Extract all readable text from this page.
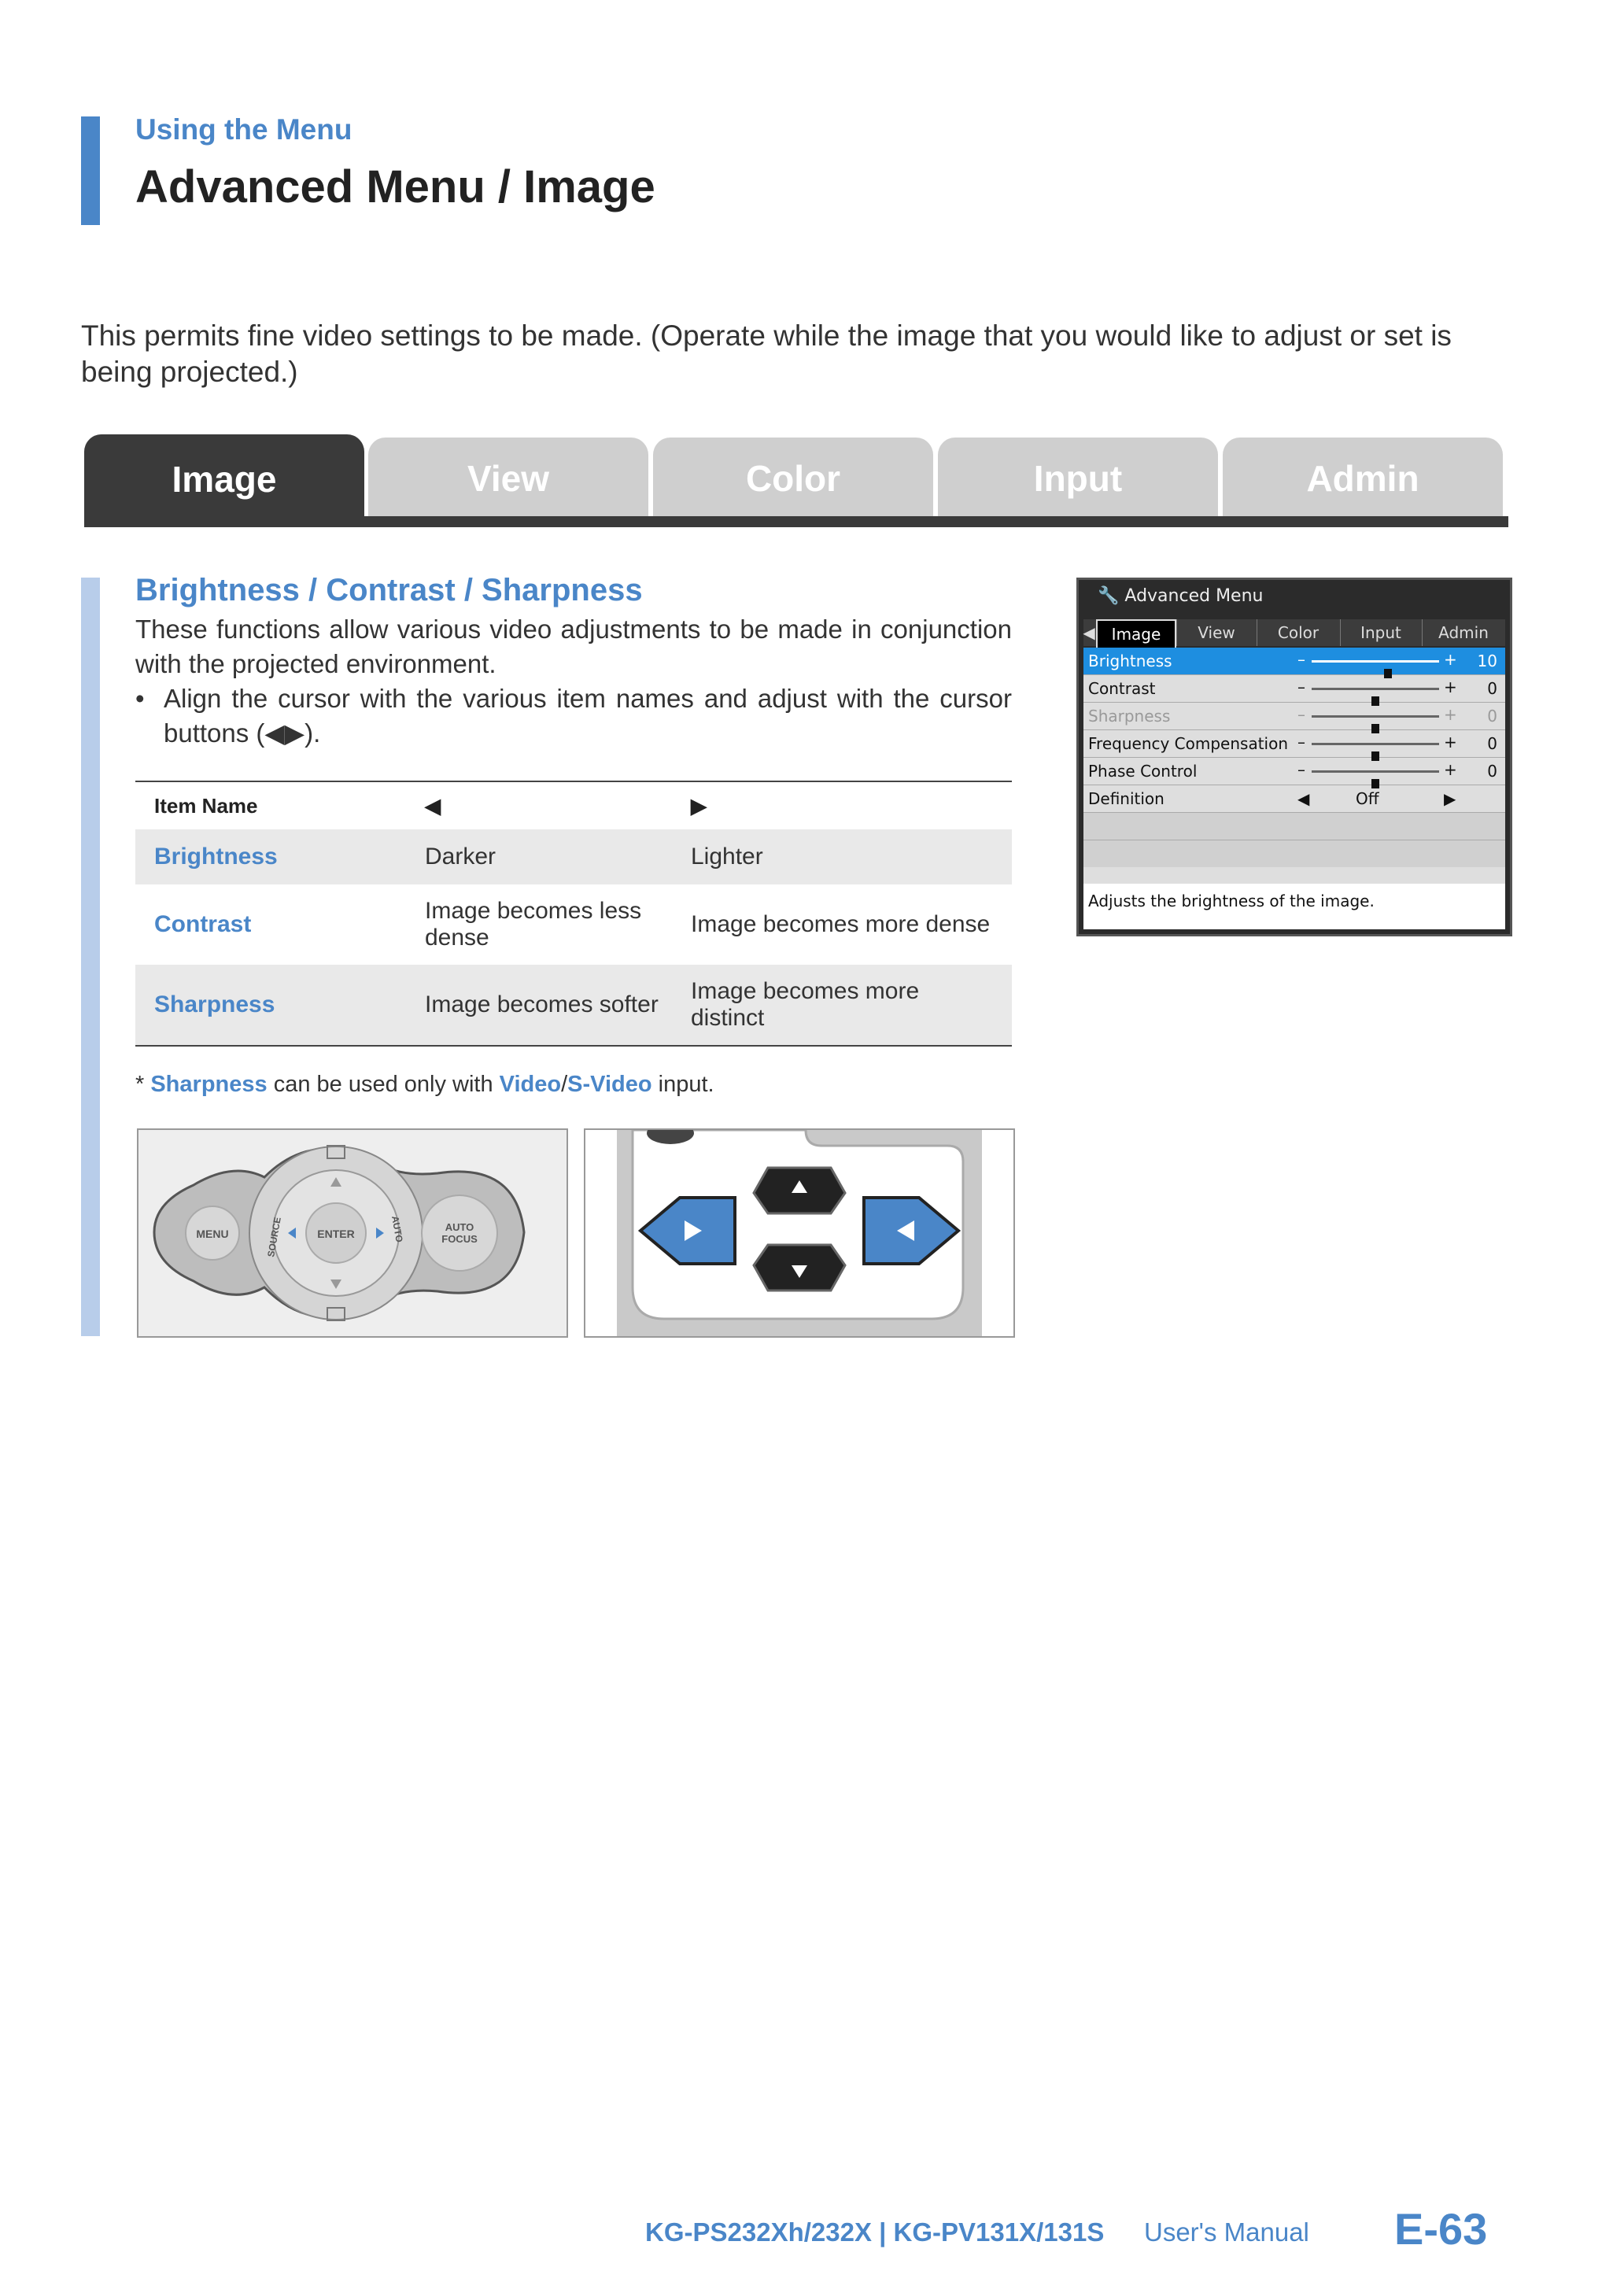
Using the Menu
Advanced Menu / Image
This permits fine video settings to be made. (Operate while the image that you would like to adjust or set is being projected.)
Image	View	Color	Input	Admin
Brightness / Contrast / Sharpness
These functions allow various video adjustments to be made in conjunction with the projected environment.
• Align the cursor with the various item names and adjust with the cursor buttons (◀▶).
Item Name	◀	▶
Brightness	Darker	Lighter
Contrast	Image becomes less dense	Image becomes more dense
Sharpness	Image becomes softer	Image becomes more distinct
* Sharpness can be used only with Video/S-Video input.
MENU	ENTER
SOURCE	AUTO	AUTO
FOCUS
🔧 Advanced Menu
◀	Image	View	Color	Input	Admin
Brightness	–	+ 10
Contrast	–	+ 0
Sharpness	–	+ 0
Frequency Compensation –	+ 0
Phase Control	–	+ 0
Definition	◀	Off	▶
Adjusts the brightness of the image.
KG-PS232Xh/232X | KG-PV131X/131S User's Manual E-63
